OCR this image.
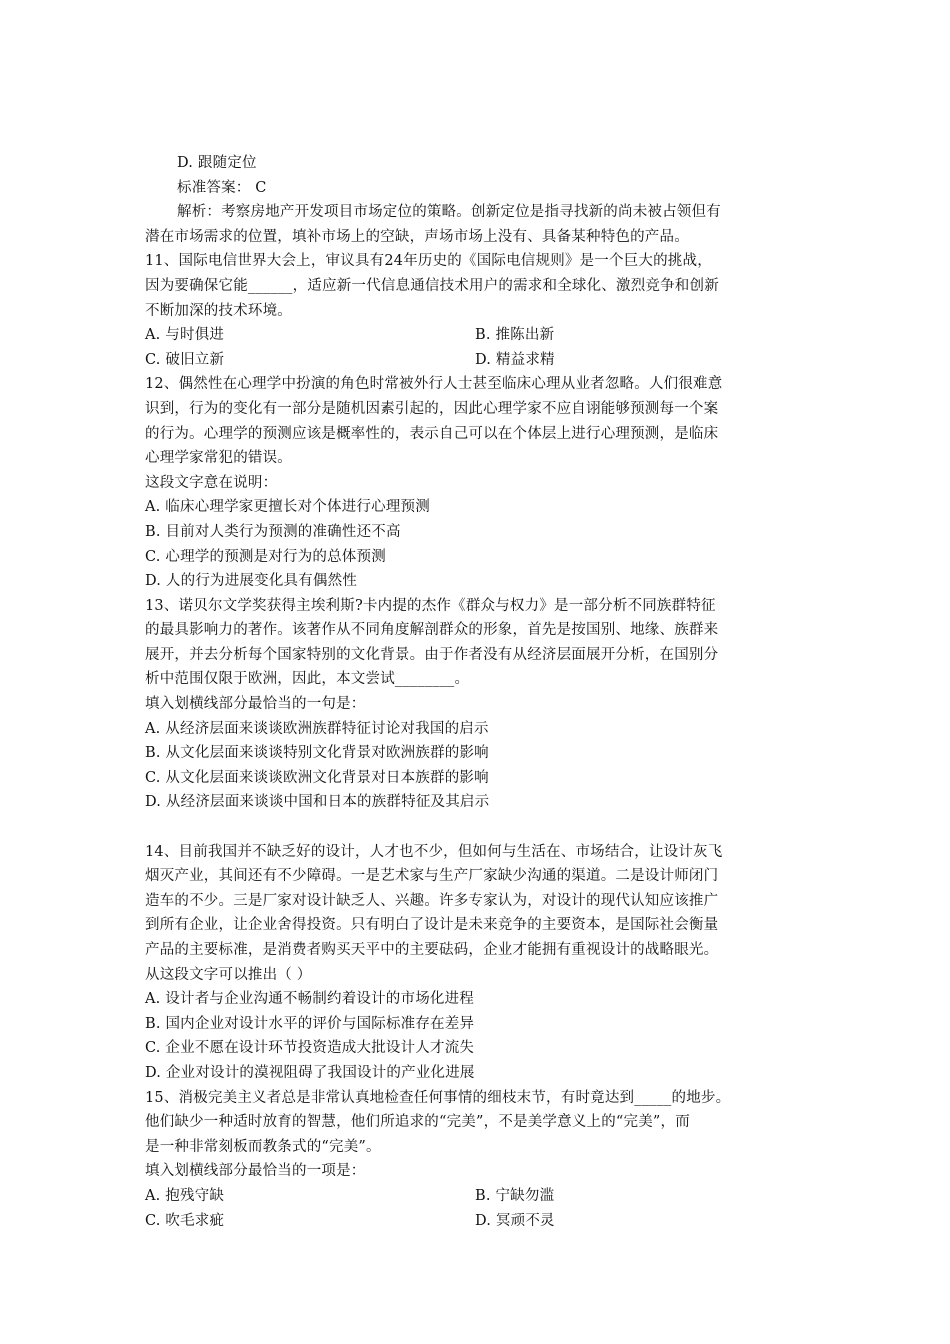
D. 跟随定位
标准答案： C
解析：考察房地产开发项目市场定位的策略。创新定位是指寻找新的尚未被占领但有
潜在市场需求的位置，填补市场上的空缺，声场市场上没有、具备某种特色的产品。
11、国际电信世界大会上，审议具有24年历史的《国际电信规则》是一个巨大的挑战，
因为要确保它能______，适应新一代信息通信技术用户的需求和全球化、激烈竞争和创新
不断加深的技术环境。
A. 与时俱进	B. 推陈出新
C. 破旧立新	D. 精益求精
12、偶然性在心理学中扮演的角色时常被外行人士甚至临床心理从业者忽略。人们很难意
识到，行为的变化有一部分是随机因素引起的，因此心理学家不应自诩能够预测每一个案
的行为。心理学的预测应该是概率性的，表示自己可以在个体层上进行心理预测，是临床
心理学家常犯的错误。
这段文字意在说明：
A. 临床心理学家更擅长对个体进行心理预测
B. 目前对人类行为预测的准确性还不高
C. 心理学的预测是对行为的总体预测
D. 人的行为进展变化具有偶然性
13、诺贝尔文学奖获得主埃利斯?卡内提的杰作《群众与权力》是一部分析不同族群特征
的最具影响力的著作。该著作从不同角度解剖群众的形象，首先是按国别、地缘、族群来
展开，并去分析每个国家特别的文化背景。由于作者没有从经济层面展开分析，在国别分
析中范围仅限于欧洲，因此，本文尝试________。
填入划横线部分最恰当的一句是：
A. 从经济层面来谈谈欧洲族群特征讨论对我国的启示
B. 从文化层面来谈谈特别文化背景对欧洲族群的影响
C. 从文化层面来谈谈欧洲文化背景对日本族群的影响
D. 从经济层面来谈谈中国和日本的族群特征及其启示
14、目前我国并不缺乏好的设计，人才也不少，但如何与生活在、市场结合，让设计灰飞
烟灭产业，其间还有不少障碍。一是艺术家与生产厂家缺少沟通的渠道。二是设计师闭门
造车的不少。三是厂家对设计缺乏人、兴趣。许多专家认为，对设计的现代认知应该推广
到所有企业，让企业舍得投资。只有明白了设计是未来竞争的主要资本，是国际社会衡量
产品的主要标准，是消费者购买天平中的主要砝码，企业才能拥有重视设计的战略眼光。
从这段文字可以推出（ ）
A. 设计者与企业沟通不畅制约着设计的市场化进程
B. 国内企业对设计水平的评价与国际标准存在差异
C. 企业不愿在设计环节投资造成大批设计人才流失
D. 企业对设计的漠视阻碍了我国设计的产业化进展
15、消极完美主义者总是非常认真地检查任何事情的细枝末节，有时竟达到_____的地步。
他们缺少一种适时放育的智慧，他们所追求的“完美”，不是美学意义上的“完美”，而
是一种非常刻板而教条式的“完美”。
填入划横线部分最恰当的一项是：
A. 抱残守缺	B. 宁缺勿滥
C. 吹毛求疵	D. 冥顽不灵
